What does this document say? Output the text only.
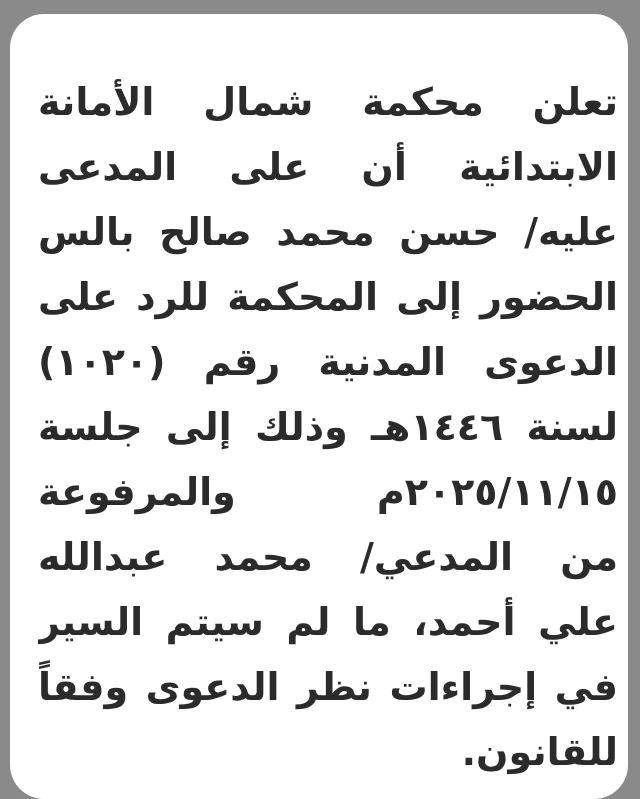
تعلن محكمة شمال الأمانة
الابتدائية أن على المدعى
عليه/ حسن محمد صالح بالس
الحضور إلى المحكمة للرد على
الدعوى المدنية رقم (١٠٢٠)
لسنة ١٤٤٦هـ وذلك إلى جلسة
٢٠٢٥/١١/١٥م والمرفوعة
من المدعي/ محمد عبدالله
علي أحمد، ما لم سيتم السير
في إجراءات نظر الدعوى وفقاً
للقانون.
